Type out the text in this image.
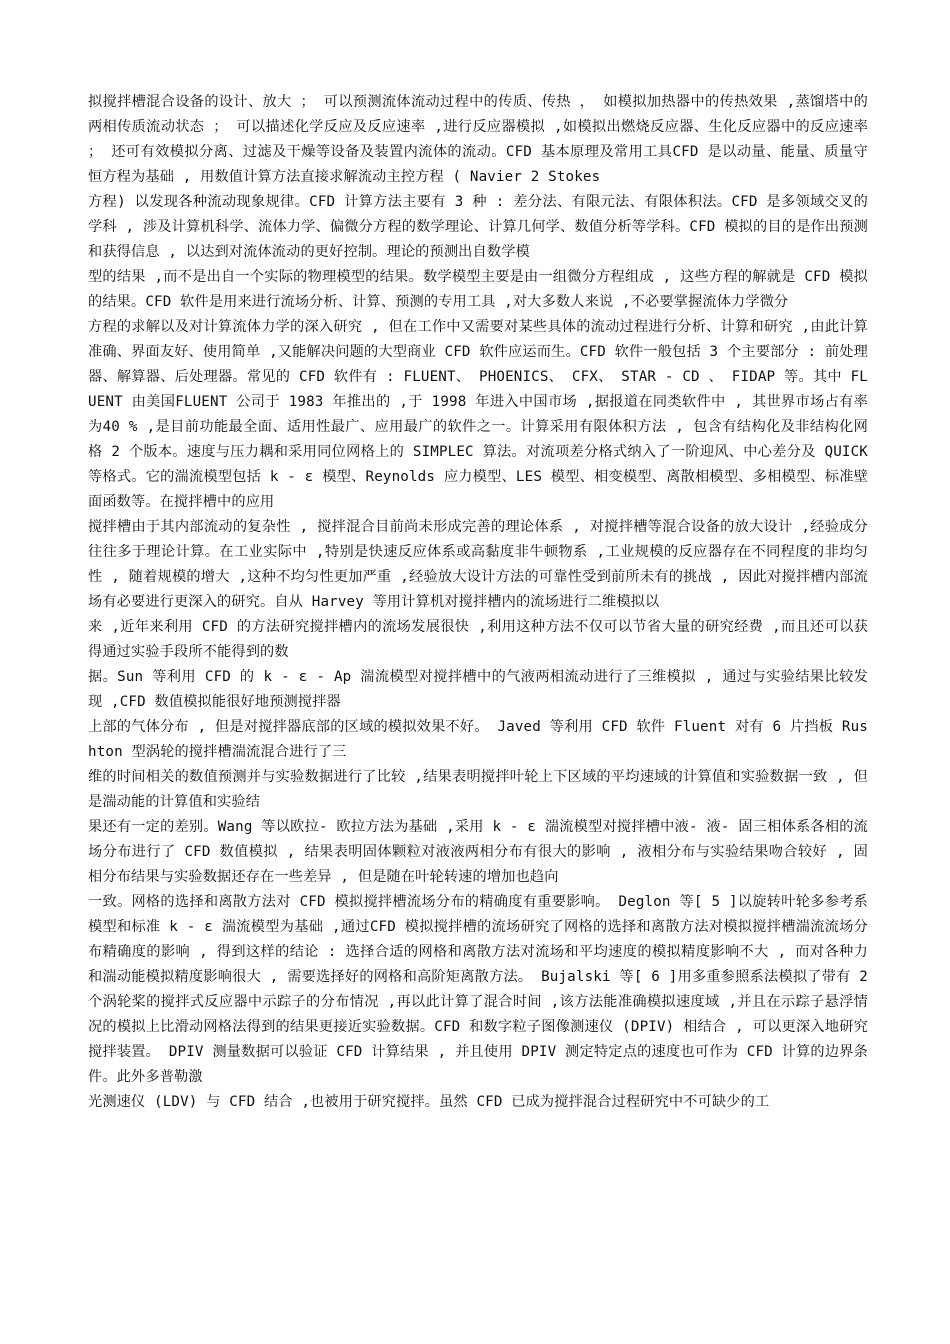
拟搅拌槽混合设备的设计、放大 ； 可以预测流体流动过程中的传质、传热 ， 如模拟加热器中的传热效果 ,蒸馏塔中的两相传质流动状态 ； 可以描述化学反应及反应速率 ,进行反应器模拟 ,如模拟出燃烧反应器、生化反应器中的反应速率 ； 还可有效模拟分离、过滤及干燥等设备及装置内流体的流动。CFD 基本原理及常用工具CFD 是以动量、能量、质量守恒方程为基础 , 用数值计算方法直接求解流动主控方程 ( Navier 2 Stokes

方程) 以发现各种流动现象规律。CFD 计算方法主要有 3 种 : 差分法、有限元法、有限体积法。CFD 是多领域交叉的学科 , 涉及计算机科学、流体力学、偏微分方程的数学理论、计算几何学、数值分析等学科。CFD 模拟的目的是作出预测和获得信息 , 以达到对流体流动的更好控制。理论的预测出自数学模

型的结果 ,而不是出自一个实际的物理模型的结果。数学模型主要是由一组微分方程组成 , 这些方程的解就是 CFD 模拟的结果。CFD 软件是用来进行流场分析、计算、预测的专用工具 ,对大多数人来说 ,不必要掌握流体力学微分

方程的求解以及对计算流体力学的深入研究 , 但在工作中又需要对某些具体的流动过程进行分析、计算和研究 ,由此计算准确、界面友好、使用简单 ,又能解决问题的大型商业 CFD 软件应运而生。CFD 软件一般包括 3 个主要部分 : 前处理器、解算器、后处理器。常见的 CFD 软件有 : FLUENT、 PHOENICS、 CFX、 STAR - CD 、 FIDAP 等。其中 FLUENT 由美国FLUENT 公司于 1983 年推出的 ,于 1998 年进入中国市场 ,据报道在同类软件中 , 其世界市场占有率为40 % ,是目前功能最全面、适用性最广、应用最广的软件之一。计算采用有限体积方法 , 包含有结构化及非结构化网格 2 个版本。速度与压力耦和采用同位网格上的 SIMPLEC 算法。对流项差分格式纳入了一阶迎风、中心差分及 QUICK 等格式。它的湍流模型包括 k - ε 模型、Reynolds 应力模型、LES 模型、相变模型、离散相模型、多相模型、标准壁面函数等。在搅拌槽中的应用

搅拌槽由于其内部流动的复杂性 , 搅拌混合目前尚未形成完善的理论体系 , 对搅拌槽等混合设备的放大设计 ,经验成分往往多于理论计算。在工业实际中 ,特别是快速反应体系或高黏度非牛顿物系 ,工业规模的反应器存在不同程度的非均匀性 , 随着规模的增大 ,这种不均匀性更加严重 ,经验放大设计方法的可靠性受到前所未有的挑战 , 因此对搅拌槽内部流场有必要进行更深入的研究。自从 Harvey 等用计算机对搅拌槽内的流场进行二维模拟以

来 ,近年来利用 CFD 的方法研究搅拌槽内的流场发展很快 ,利用这种方法不仅可以节省大量的研究经费 ,而且还可以获得通过实验手段所不能得到的数

据。Sun 等利用 CFD 的 k - ε - Ap 湍流模型对搅拌槽中的气液两相流动进行了三维模拟 , 通过与实验结果比较发现 ,CFD 数值模拟能很好地预测搅拌器

上部的气体分布 , 但是对搅拌器底部的区域的模拟效果不好。 Javed 等利用 CFD 软件 Fluent 对有 6 片挡板 Rushton 型涡轮的搅拌槽湍流混合进行了三

维的时间相关的数值预测并与实验数据进行了比较 ,结果表明搅拌叶轮上下区域的平均速域的计算值和实验数据一致 , 但是湍动能的计算值和实验结

果还有一定的差别。Wang 等以欧拉- 欧拉方法为基础 ,采用 k - ε 湍流模型对搅拌槽中液- 液- 固三相体系各相的流场分布进行了 CFD 数值模拟 , 结果表明固体颗粒对液液两相分布有很大的影响 , 液相分布与实验结果吻合较好 , 固相分布结果与实验数据还存在一些差异 , 但是随在叶轮转速的增加也趋向

一致。网格的选择和离散方法对 CFD 模拟搅拌槽流场分布的精确度有重要影响。 Deglon 等[ 5 ]以旋转叶轮多参考系模型和标准 k - ε 湍流模型为基础 ,通过CFD 模拟搅拌槽的流场研究了网格的选择和离散方法对模拟搅拌槽湍流流场分布精确度的影响 , 得到这样的结论 : 选择合适的网格和离散方法对流场和平均速度的模拟精度影响不大 , 而对各种力和湍动能模拟精度影响很大 , 需要选择好的网格和高阶矩离散方法。 Bujalski 等[ 6 ]用多重参照系法模拟了带有 2 个涡轮桨的搅拌式反应器中示踪子的分布情况 ,再以此计算了混合时间 ,该方法能准确模拟速度域 ,并且在示踪子悬浮情况的模拟上比滑动网格法得到的结果更接近实验数据。CFD 和数字粒子图像测速仪 (DPIV) 相结合 , 可以更深入地研究搅拌装置。 DPIV 测量数据可以验证 CFD 计算结果 , 并且使用 DPIV 测定特定点的速度也可作为 CFD 计算的边界条件。此外多普勒激

光测速仪 (LDV) 与 CFD 结合 ,也被用于研究搅拌。虽然 CFD 已成为搅拌混合过程研究中不可缺少的工
